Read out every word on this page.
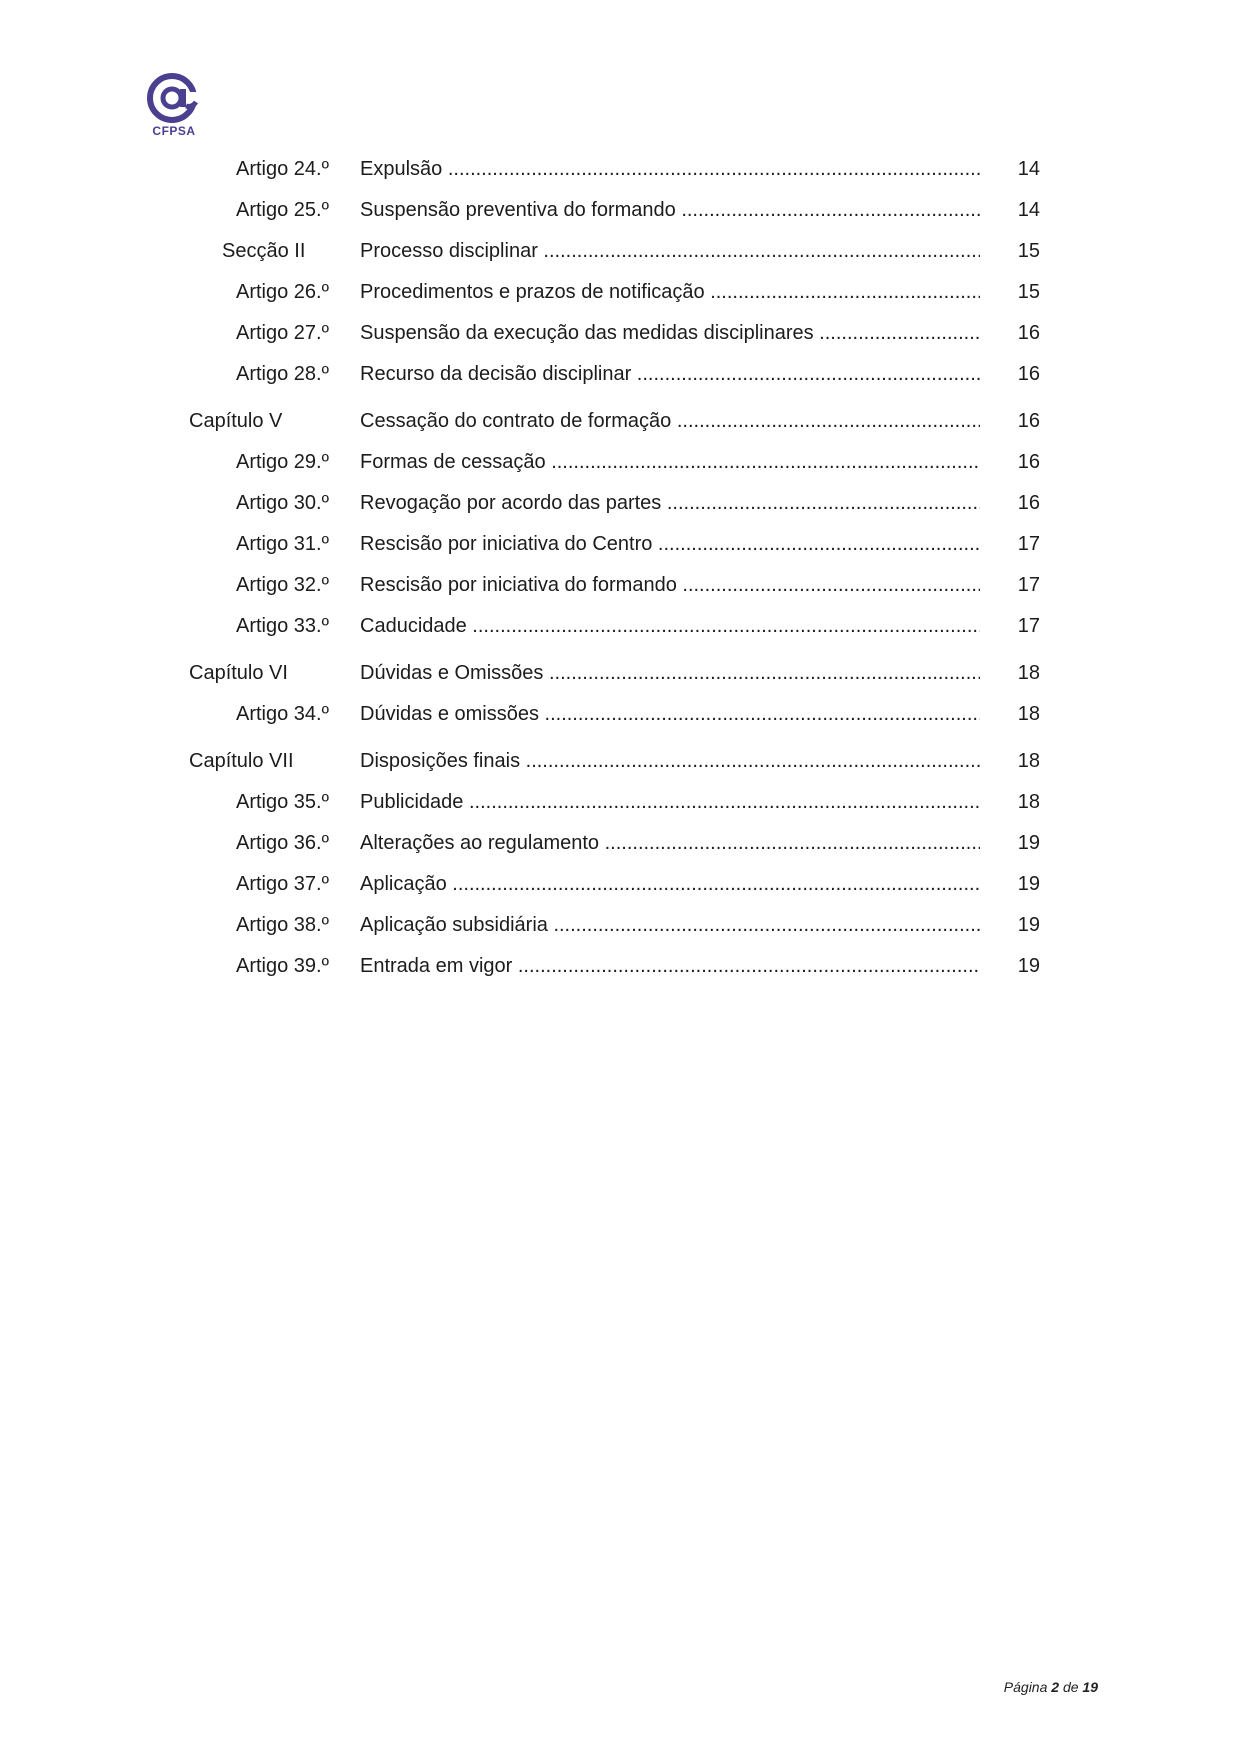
CFPSA
Artigo 24.º Expulsão .....	14
Artigo 25.º Suspensão preventiva do formando .....	14
Secção II	Processo disciplinar .....	15
Artigo 26.º Procedimentos e prazos de notificação .....	15
Artigo 27.º Suspensão da execução das medidas disciplinares .....	16
Artigo 28.º Recurso da decisão disciplinar .....	16
Capítulo V	Cessação do contrato de formação .....	16
Artigo 29.º Formas de cessação .....	16
Artigo 30.º Revogação por acordo das partes .....	16
Artigo 31.º Rescisão por iniciativa do Centro .....	17
Artigo 32.º Rescisão por iniciativa do formando .....	17
Artigo 33.º Caducidade .....	17
Capítulo VI	Dúvidas e Omissões .....	18
Artigo 34.º Dúvidas e omissões .....	18
Capítulo VII	Disposições finais .....	18
Artigo 35.º Publicidade .....	18
Artigo 36.º Alterações ao regulamento .....	19
Artigo 37.º Aplicação .....	19
Artigo 38.º Aplicação subsidiária .....	19
Artigo 39.º Entrada em vigor .....	19
Página 2 de 19
